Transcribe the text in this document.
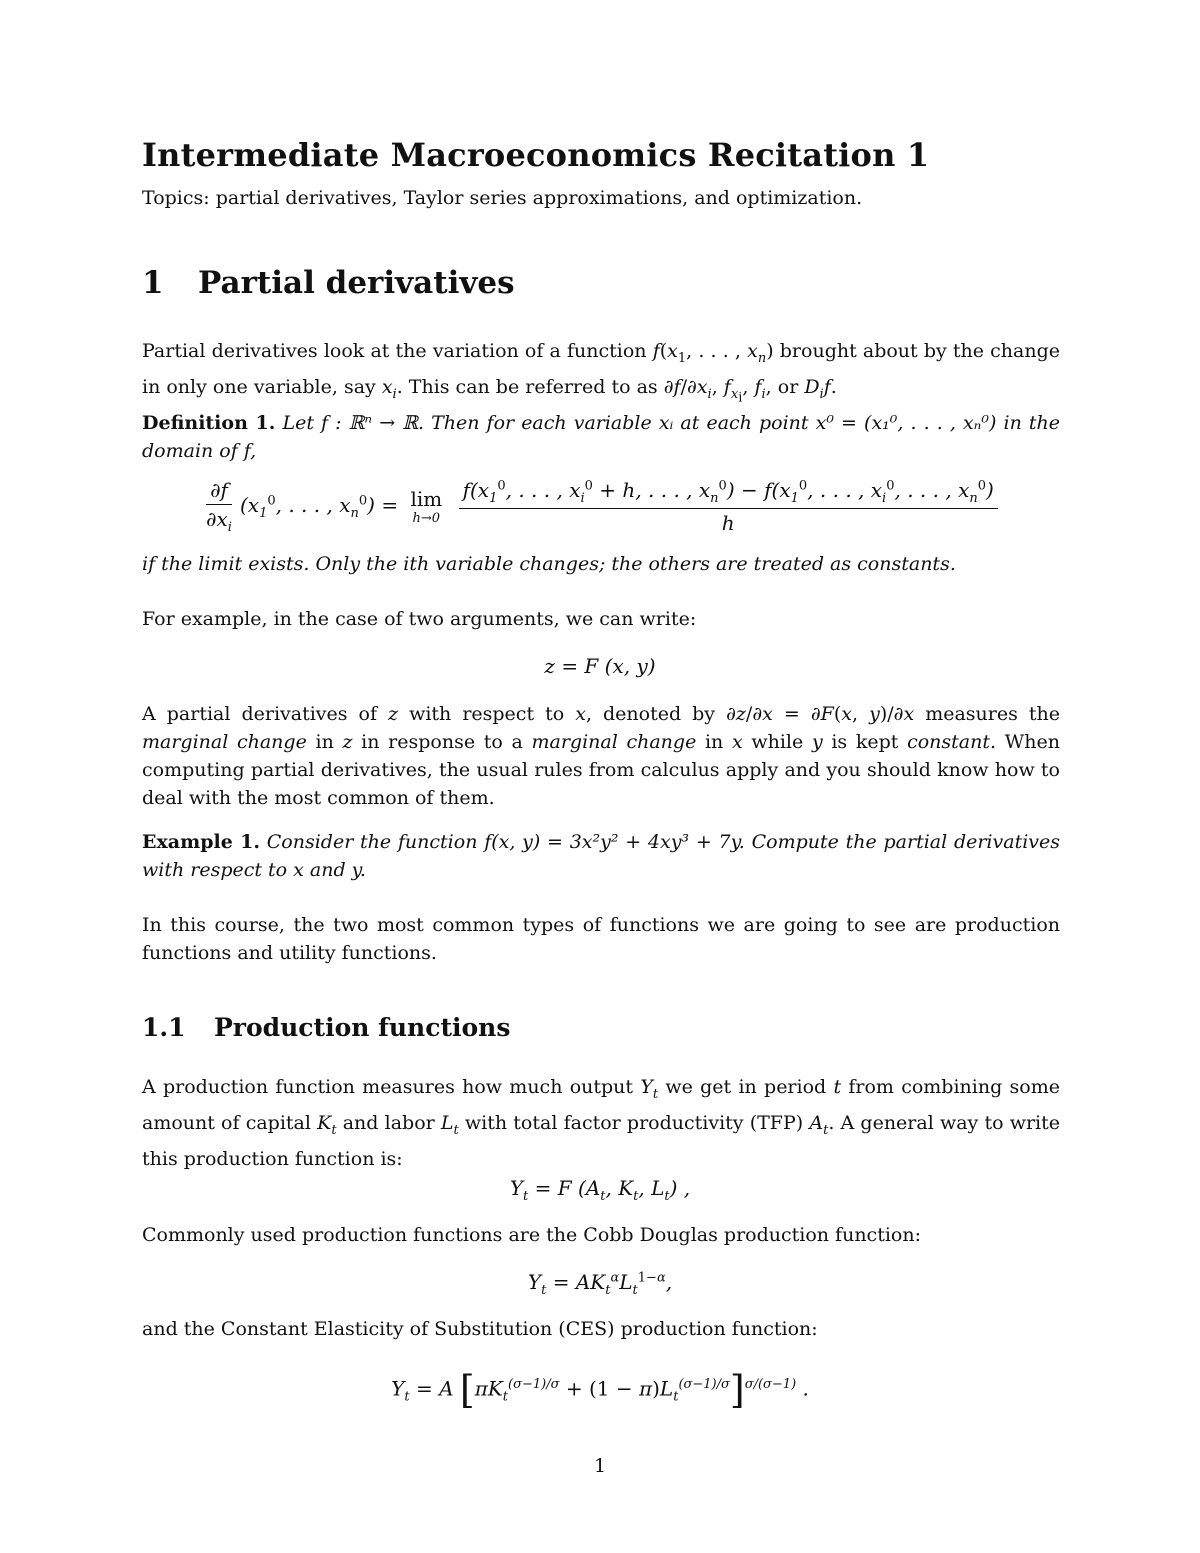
Intermediate Macroeconomics Recitation 1
Topics: partial derivatives, Taylor series approximations, and optimization.
1 Partial derivatives
Partial derivatives look at the variation of a function $f(x_1$, . . . , $x_n$) brought about by the change in only one variable, say $x_i$. This can be referred to as $\partial f/\partial x_i$, $f_{x_i}$, $f_i$, or $D_if$.
Definition 1. Let f : ℝⁿ → ℝ. Then for each variable xᵢ at each point x⁰ = (x₁⁰, . . . , xₙ⁰) in the domain of f,
$\frac{\partial f}{\partial x_i} (x_1^0$, . . . , $x_n^0) = \lim$
h→0

$f(x_1^0$, . . . , $x_i^0 + h$, . . . , $x_n^0) - f(x_1^0$, . . . , $x_i^0$, . . . , $x_n^0$)
h
if the limit exists. Only the ith variable changes; the others are treated as constants.
For example, in the case of two arguments, we can write:
z = F (x, y)
A partial derivatives of z with respect to x, denoted by ∂z/∂x = ∂F(x, y)/∂x measures the marginal change in z in response to a marginal change in x while y is kept constant. When computing partial derivatives, the usual rules from calculus apply and you should know how to deal with the most common of them.
Example 1. Consider the function f(x, y) = 3x²y² + 4xy³ + 7y. Compute the partial derivatives with respect to x and y.
In this course, the two most common types of functions we are going to see are production functions and utility functions.
1.1 Production functions
A production function measures how much output $Y_t$ we get in period t from combining some amount of capital $K_t$ and labor $L_t$ with total factor productivity (TFP) $A_t$. A general way to write this production function is:
$Y_t = F$ ($A_t$, $K_t$, $L_t$) ,
Commonly used production functions are the Cobb Douglas production function:
$Y_t = AK_t^\alpha L_t^{1-\alpha}$,
and the Constant Elasticity of Substitution (CES) production function:
$Y_t = A$ $[\pi K_t^{(\sigma-1)/\sigma} + (1 - \pi)L_t^{(\sigma-1)/\sigma}]^{\sigma/(\sigma-1)}$ .
1
